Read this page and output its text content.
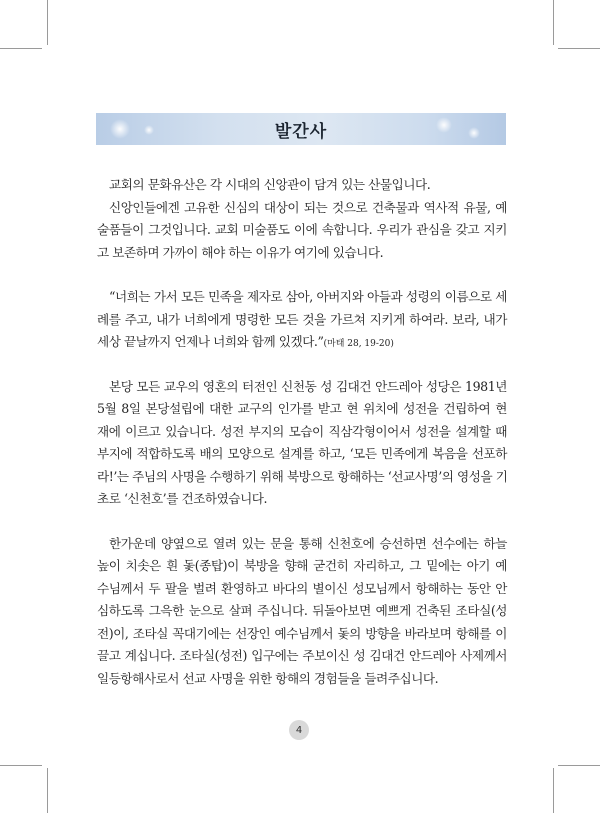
발간사
교회의 문화유산은 각 시대의 신앙관이 담겨 있는 산물입니다.
신앙인들에겐 고유한 신심의 대상이 되는 것으로 건축물과 역사적 유물, 예
술품들이 그것입니다. 교회 미술품도 이에 속합니다. 우리가 관심을 갖고 지키
고 보존하며 가까이 해야 하는 이유가 여기에 있습니다.
“너희는 가서 모든 민족을 제자로 삼아, 아버지와 아들과 성령의 이름으로 세
례를 주고, 내가 너희에게 명령한 모든 것을 가르쳐 지키게 하여라. 보라, 내가
세상 끝날까지 언제나 너희와 함께 있겠다.”(마태 28, 19-20)
본당 모든 교우의 영혼의 터전인 신천동 성 김대건 안드레아 성당은 1981년
5월 8일 본당설립에 대한 교구의 인가를 받고 현 위치에 성전을 건립하여 현
재에 이르고 있습니다. 성전 부지의 모습이 직삼각형이어서 성전을 설계할 때
부지에 적합하도록 배의 모양으로 설계를 하고, ‘모든 민족에게 복음을 선포하
라!’는 주님의 사명을 수행하기 위해 북방으로 항해하는 ‘선교사명’의 영성을 기
초로 ‘신천호’를 건조하였습니다.
한가운데 양옆으로 열려 있는 문을 통해 신천호에 승선하면 선수에는 하늘
높이 치솟은 흰 돛(종탑)이 북방을 향해 굳건히 자리하고, 그 밑에는 아기 예
수님께서 두 팔을 벌려 환영하고 바다의 별이신 성모님께서 항해하는 동안 안
심하도록 그윽한 눈으로 살펴 주십니다. 뒤돌아보면 예쁘게 건축된 조타실(성
전)이, 조타실 꼭대기에는 선장인 예수님께서 돛의 방향을 바라보며 항해를 이
끌고 계십니다. 조타실(성전) 입구에는 주보이신 성 김대건 안드레아 사제께서
일등항해사로서 선교 사명을 위한 항해의 경험들을 들려주십니다.
4
